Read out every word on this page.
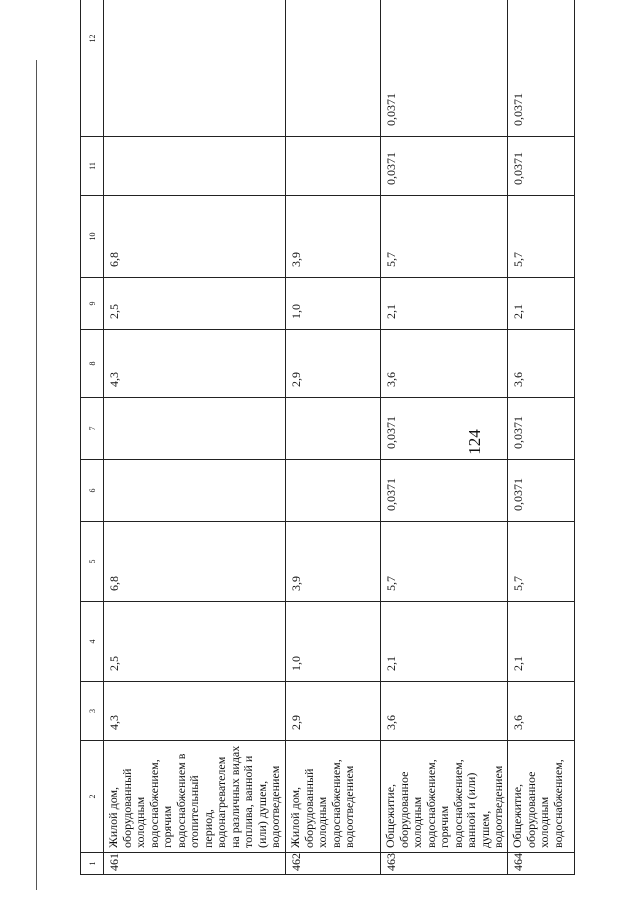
124
1	2	3	4	5	6	7	8	9	10	11	12
461	Жилой дом, оборудованный холодным водоснабжением, горячим водоснабжением в отопительный период, водонагревателем на различных видах топлива, ванной и (или) душем, водоотведением	4,3	2,5	6,8			4,3	2,5	6,8		
462	Жилой дом, оборудованный холодным водоснабжением, водоотведением	2,9	1,0	3,9			2,9	1,0	3,9		
463	Общежитие, оборудованное холодным водоснабжением, горячим водоснабжением, ванной и (или) душем, водоотведением	3,6	2,1	5,7	0,0371	0,0371	3,6	2,1	5,7	0,0371	0,0371
464	Общежитие, оборудованное холодным водоснабжением,	3,6	2,1	5,7	0,0371	0,0371	3,6	2,1	5,7	0,0371	0,0371
